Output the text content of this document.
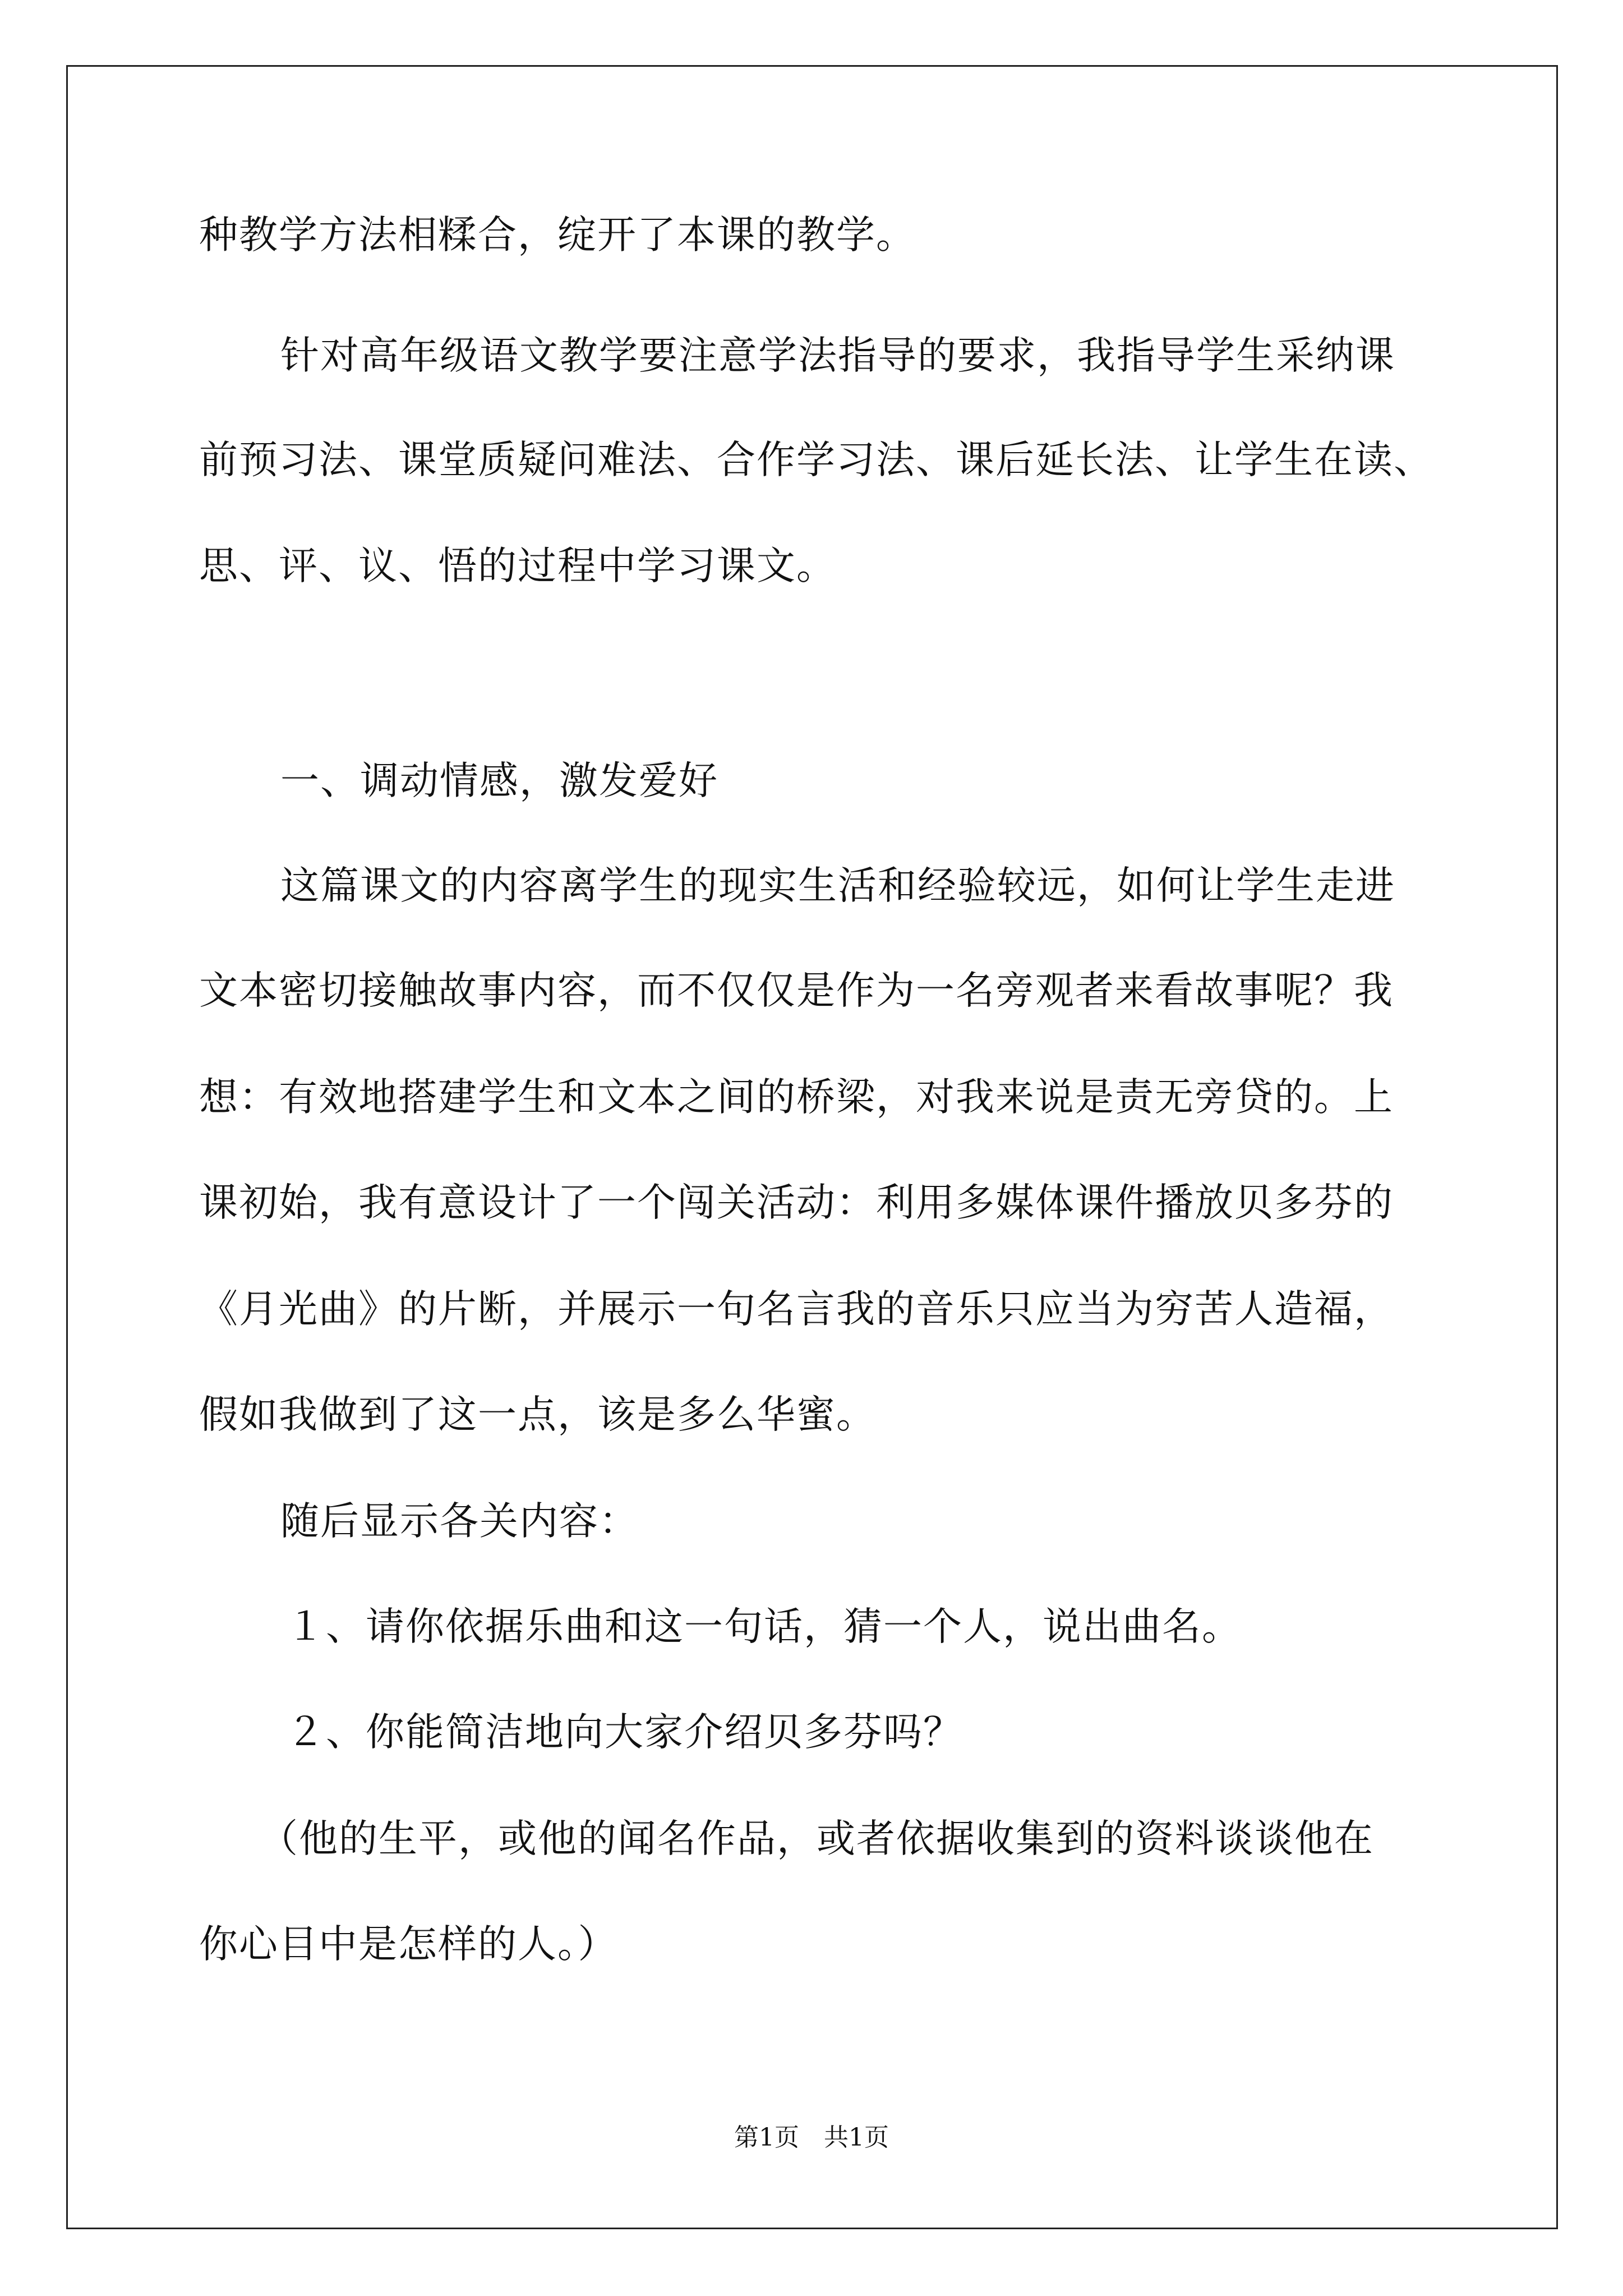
种教学方法相糅合，绽开了本课的教学。
针对高年级语文教学要注意学法指导的要求，我指导学生采纳课
前预习法、课堂质疑问难法、合作学习法、课后延长法、让学生在读、
思、评、议、悟的过程中学习课文。
一、调动情感，激发爱好
这篇课文的内容离学生的现实生活和经验较远，如何让学生走进
文本密切接触故事内容，而不仅仅是作为一名旁观者来看故事呢？我
想：有效地搭建学生和文本之间的桥梁，对我来说是责无旁贷的。上
课初始，我有意设计了一个闯关活动：利用多媒体课件播放贝多芬的
《月光曲》的片断，并展示一句名言我的音乐只应当为穷苦人造福，
假如我做到了这一点，该是多么华蜜。
随后显示各关内容：
１、请你依据乐曲和这一句话，猜一个人，说出曲名。
２、你能简洁地向大家介绍贝多芬吗？
（他的生平，或他的闻名作品，或者依据收集到的资料谈谈他在
你心目中是怎样的人。）
第1页　共1页
